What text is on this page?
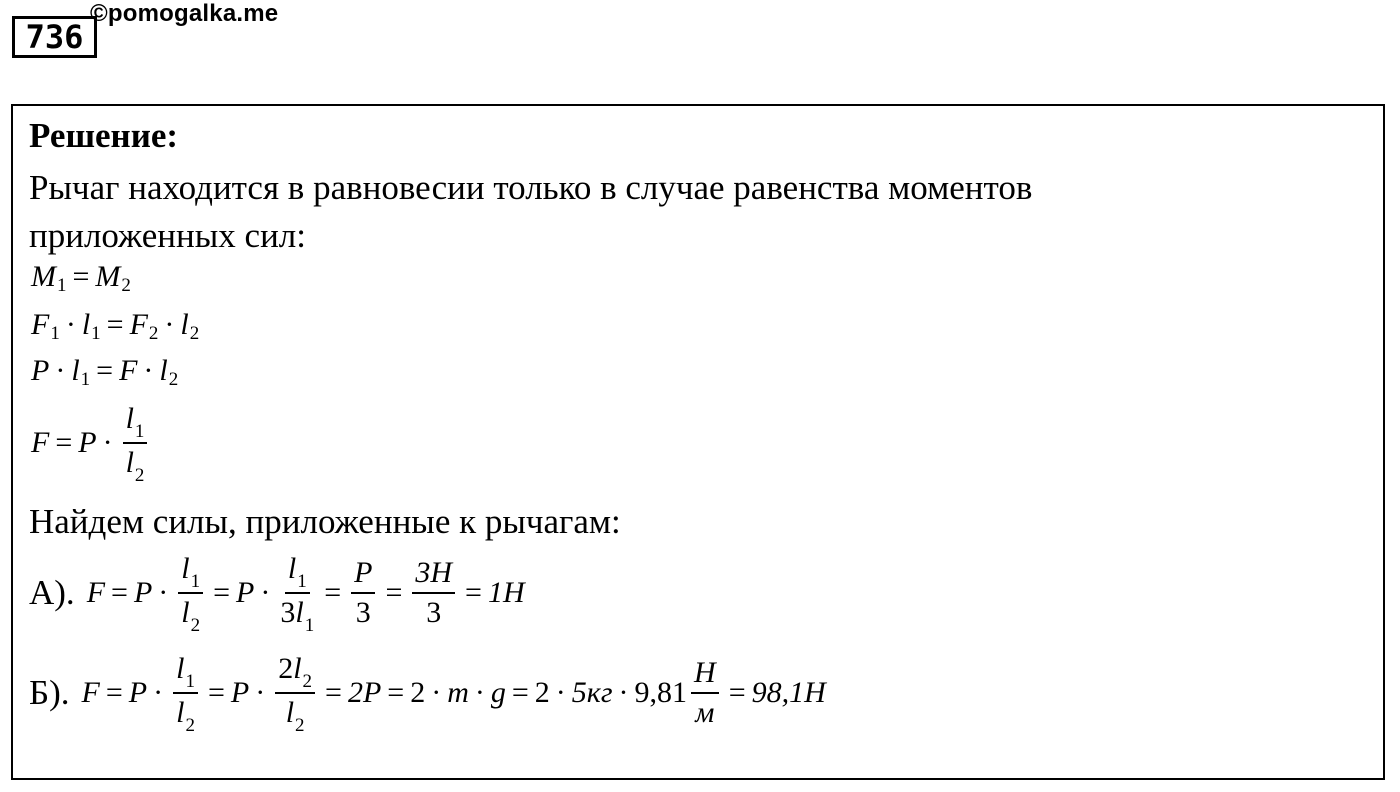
©pomogalka.me
736
Решение:
Рычаг находится в равновесии только в случае равенства моментов
приложенных сил:
M 1 = M 2
F 1 · l 1 = F 2 · l 2
P · l 1 = F · l 2
$F = P \cdot \frac{l_1}{l_2}$
Найдем силы, приложенные к рычагам:
А). $F = P \cdot \frac{l_1}{l_2} = P \cdot \frac{l_1}{3l_1} = \frac{P}{3} = \frac{3H}{3} = 1H$
Б). $F = P \cdot \frac{l_1}{l_2} = P \cdot \frac{2l_2}{l_2} = 2P = 2 \cdot m \cdot g = 2 \cdot 5кг \cdot 9,81 \frac{H}{м} = 98,1H$
